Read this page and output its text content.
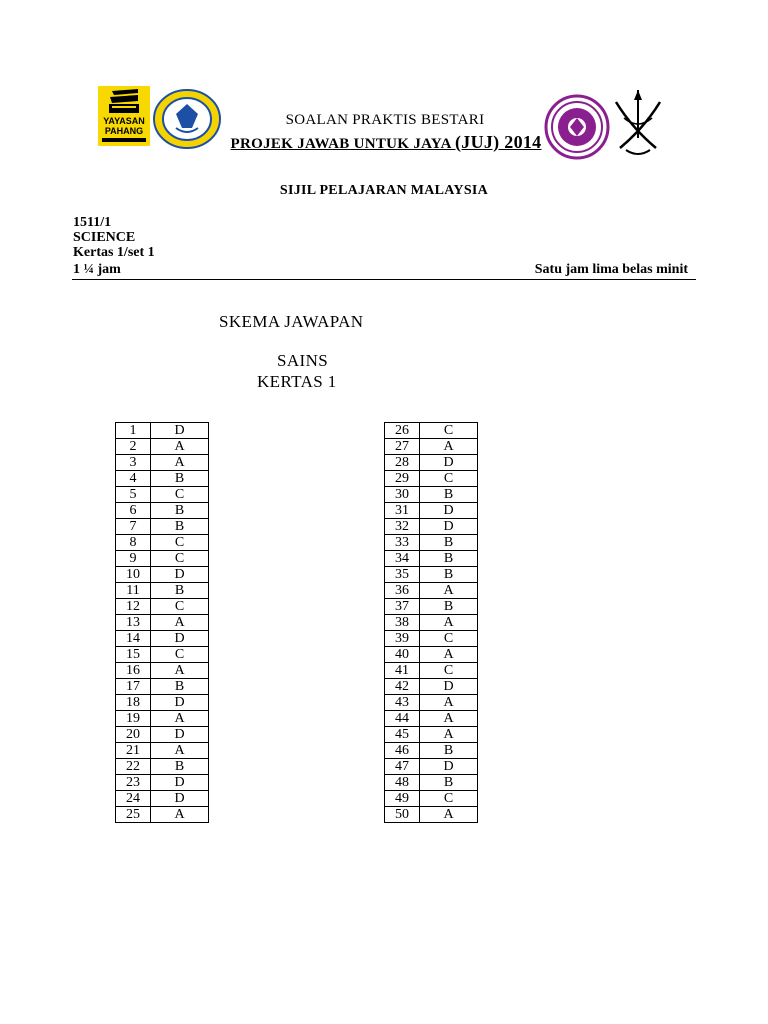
YAYASAN
PAHANG
SOALAN PRAKTIS BESTARI
PROJEK JAWAB UNTUK JAYA (JUJ) 2014
SIJIL PELAJARAN MALAYSIA
1511/1
SCIENCE
Kertas 1/set 1
1 ¼ jam	Satu jam lima belas minit
SKEMA JAWAPAN
SAINS
KERTAS 1
1	D
2	A
3	A
4	B
5	C
6	B
7	B
8	C
9	C
10	D
11	B
12	C
13	A
14	D
15	C
16	A
17	B
18	D
19	A
20	D
21	A
22	B
23	D
24	D
25	A
26	C
27	A
28	D
29	C
30	B
31	D
32	D
33	B
34	B
35	B
36	A
37	B
38	A
39	C
40	A
41	C
42	D
43	A
44	A
45	A
46	B
47	D
48	B
49	C
50	A
